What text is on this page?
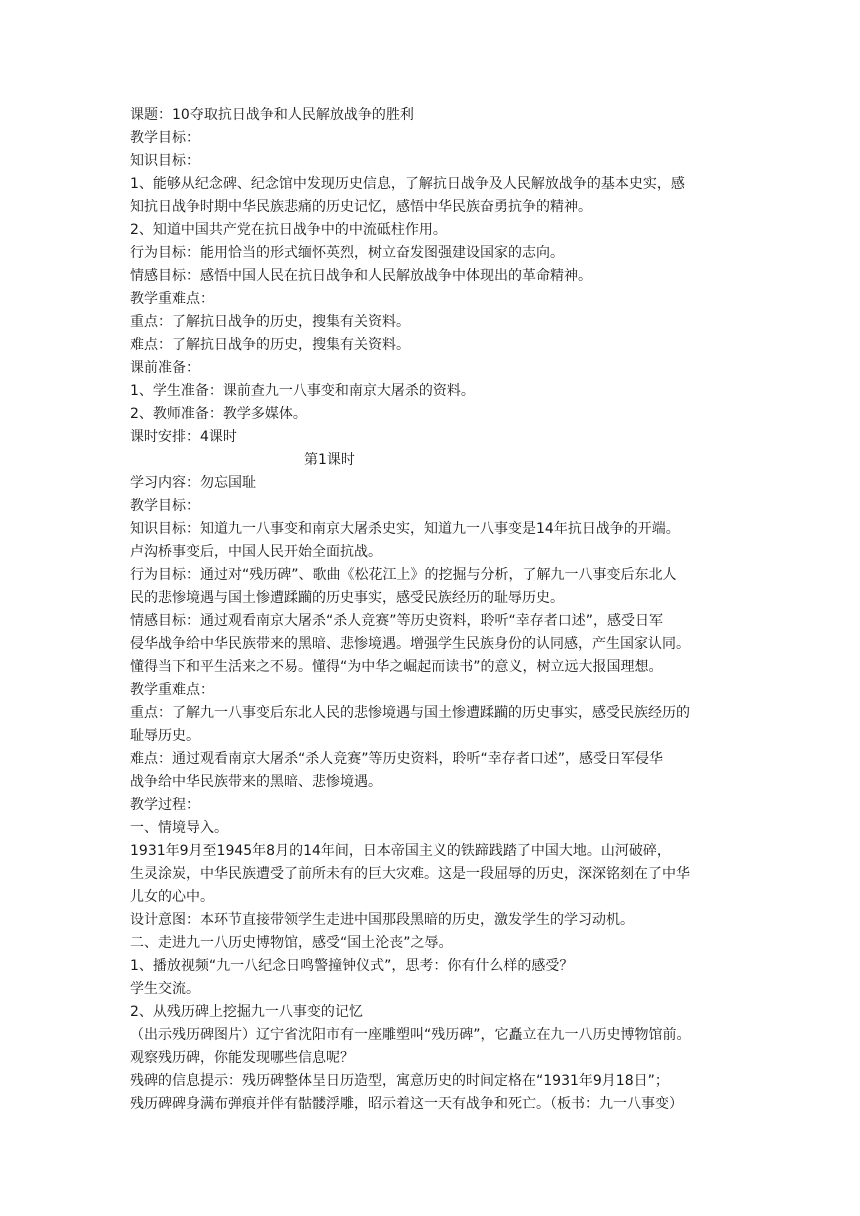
课题：10夺取抗日战争和人民解放战争的胜利
教学目标：
知识目标：
1、能够从纪念碑、纪念馆中发现历史信息，了解抗日战争及人民解放战争的基本史实，感
知抗日战争时期中华民族悲痛的历史记忆，感悟中华民族奋勇抗争的精神。
2、知道中国共产党在抗日战争中的中流砥柱作用。
行为目标：能用恰当的形式缅怀英烈，树立奋发图强建设国家的志向。
情感目标：感悟中国人民在抗日战争和人民解放战争中体现出的革命精神。
教学重难点：
重点：了解抗日战争的历史，搜集有关资料。
难点：了解抗日战争的历史，搜集有关资料。
课前准备：
1、学生准备：课前查九一八事变和南京大屠杀的资料。
2、教师准备：教学多媒体。
课时安排：4课时
第1课时
学习内容：勿忘国耻
教学目标：
知识目标：知道九一八事变和南京大屠杀史实，知道九一八事变是14年抗日战争的开端。
卢沟桥事变后，中国人民开始全面抗战。
行为目标：通过对“残历碑”、歌曲《松花江上》的挖掘与分析，了解九一八事变后东北人
民的悲惨境遇与国土惨遭蹂躏的历史事实，感受民族经历的耻辱历史。
情感目标：通过观看南京大屠杀“杀人竞赛”等历史资料，聆听“幸存者口述”，感受日军
侵华战争给中华民族带来的黑暗、悲惨境遇。增强学生民族身份的认同感，产生国家认同。
懂得当下和平生活来之不易。懂得“为中华之崛起而读书”的意义，树立远大报国理想。
教学重难点：
重点：了解九一八事变后东北人民的悲惨境遇与国土惨遭蹂躏的历史事实，感受民族经历的
耻辱历史。
难点：通过观看南京大屠杀“杀人竞赛”等历史资料，聆听“幸存者口述”，感受日军侵华
战争给中华民族带来的黑暗、悲惨境遇。
教学过程：
一、情境导入。
1931年9月至1945年8月的14年间，日本帝国主义的铁蹄践踏了中国大地。山河破碎，
生灵涂炭，中华民族遭受了前所未有的巨大灾难。这是一段屈辱的历史，深深铭刻在了中华
儿女的心中。
设计意图：本环节直接带领学生走进中国那段黑暗的历史，激发学生的学习动机。
二、走进九一八历史博物馆，感受“国土沦丧”之辱。
1、播放视频“九一八纪念日鸣警撞钟仪式”，思考：你有什么样的感受？
学生交流。
2、从残历碑上挖掘九一八事变的记忆
（出示残历碑图片）辽宁省沈阳市有一座雕塑叫“残历碑”，它矗立在九一八历史博物馆前。
观察残历碑，你能发现哪些信息呢？
残碑的信息提示：残历碑整体呈日历造型，寓意历史的时间定格在“1931年9月18日”；
残历碑碑身满布弹痕并伴有骷髅浮雕，昭示着这一天有战争和死亡。（板书：九一八事变）
